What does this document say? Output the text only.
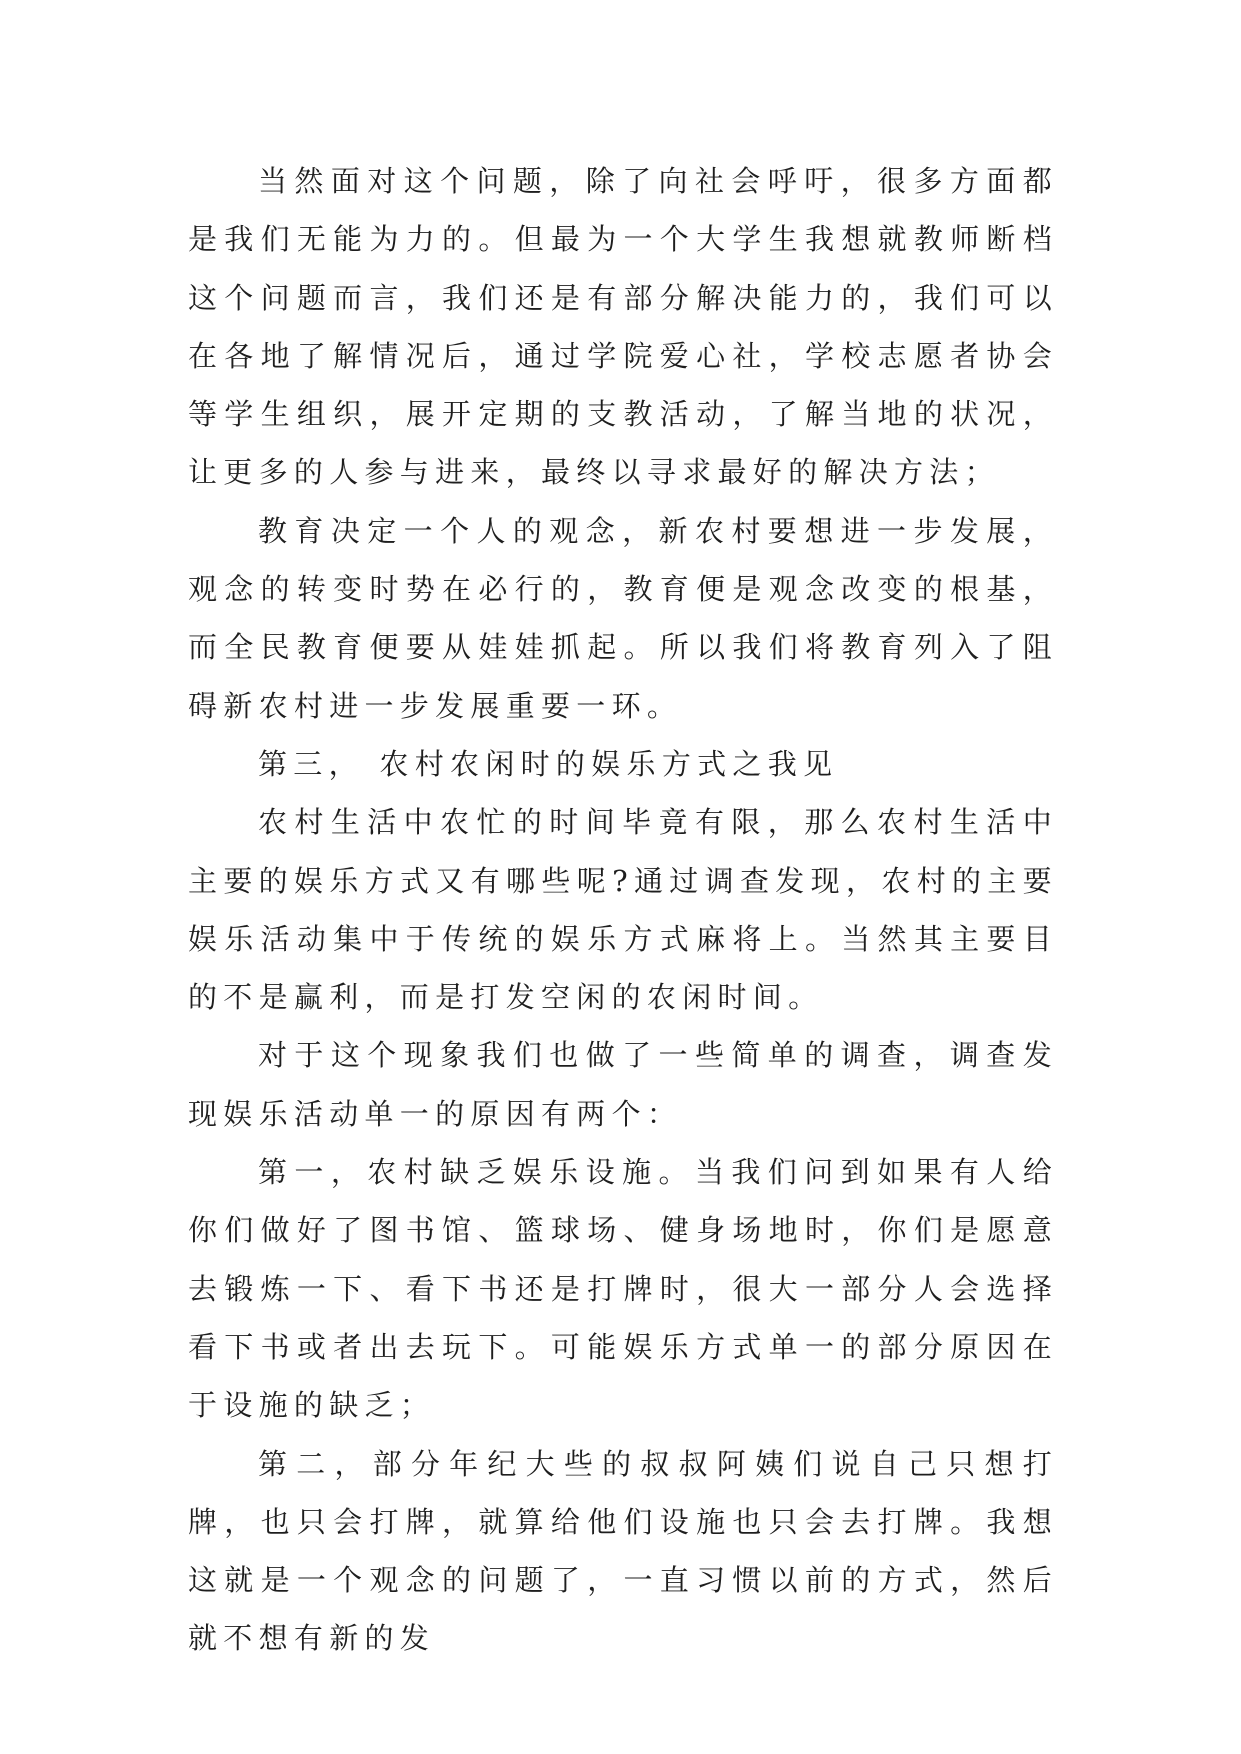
当然面对这个问题，除了向社会呼吁，很多方面都是我们无能为力的。但最为一个大学生我想就教师断档这个问题而言，我们还是有部分解决能力的，我们可以在各地了解情况后，通过学院爱心社，学校志愿者协会等学生组织，展开定期的支教活动，了解当地的状况，让更多的人参与进来，最终以寻求最好的解决方法；

教育决定一个人的观念，新农村要想进一步发展，观念的转变时势在必行的，教育便是观念改变的根基，而全民教育便要从娃娃抓起。所以我们将教育列入了阻碍新农村进一步发展重要一环。

第三， 农村农闲时的娱乐方式之我见

农村生活中农忙的时间毕竟有限，那么农村生活中主要的娱乐方式又有哪些呢?通过调查发现，农村的主要娱乐活动集中于传统的娱乐方式麻将上。当然其主要目的不是赢利，而是打发空闲的农闲时间。

对于这个现象我们也做了一些简单的调查，调查发现娱乐活动单一的原因有两个：

第一，农村缺乏娱乐设施。当我们问到如果有人给你们做好了图书馆、篮球场、健身场地时，你们是愿意去锻炼一下、看下书还是打牌时，很大一部分人会选择看下书或者出去玩下。可能娱乐方式单一的部分原因在于设施的缺乏；

第二，部分年纪大些的叔叔阿姨们说自己只想打牌，也只会打牌，就算给他们设施也只会去打牌。我想这就是一个观念的问题了，一直习惯以前的方式，然后就不想有新的发
